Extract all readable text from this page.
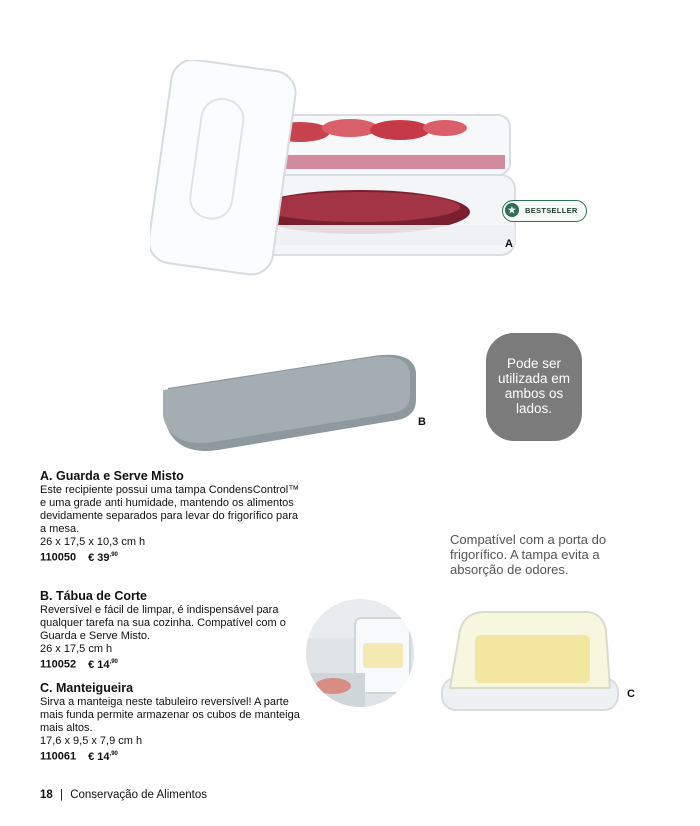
★	BESTSELLER
A
B
Pode ser utilizada em ambos os lados.
A. Guarda e Serve Misto

Este recipiente possui uma tampa CondensControl™ e uma grade anti humidade, mantendo os alimentos devidamente separados para levar do frigorífico para a mesa.

26 x 17,5 x 10,3 cm h

110050 € $39^{,90}$

B. Tábua de Corte

Reversível e fácil de limpar, é indispensável para qualquer tarefa na sua cozinha. Compatível com o Guarda e Serve Misto.

26 x 17,5 cm h

110052 € $14^{,90}$

C. Manteigueira

Sirva a manteiga neste tabuleiro reversível! A parte mais funda permite armazenar os cubos de manteiga mais altos.

17,6 x 9,5 x 7,9 cm h

110061 € $14^{,90}$

C
Compatível com a porta do frigorífico. A tampa evita a absorção de odores.
18 | Conservação de Alimentos
